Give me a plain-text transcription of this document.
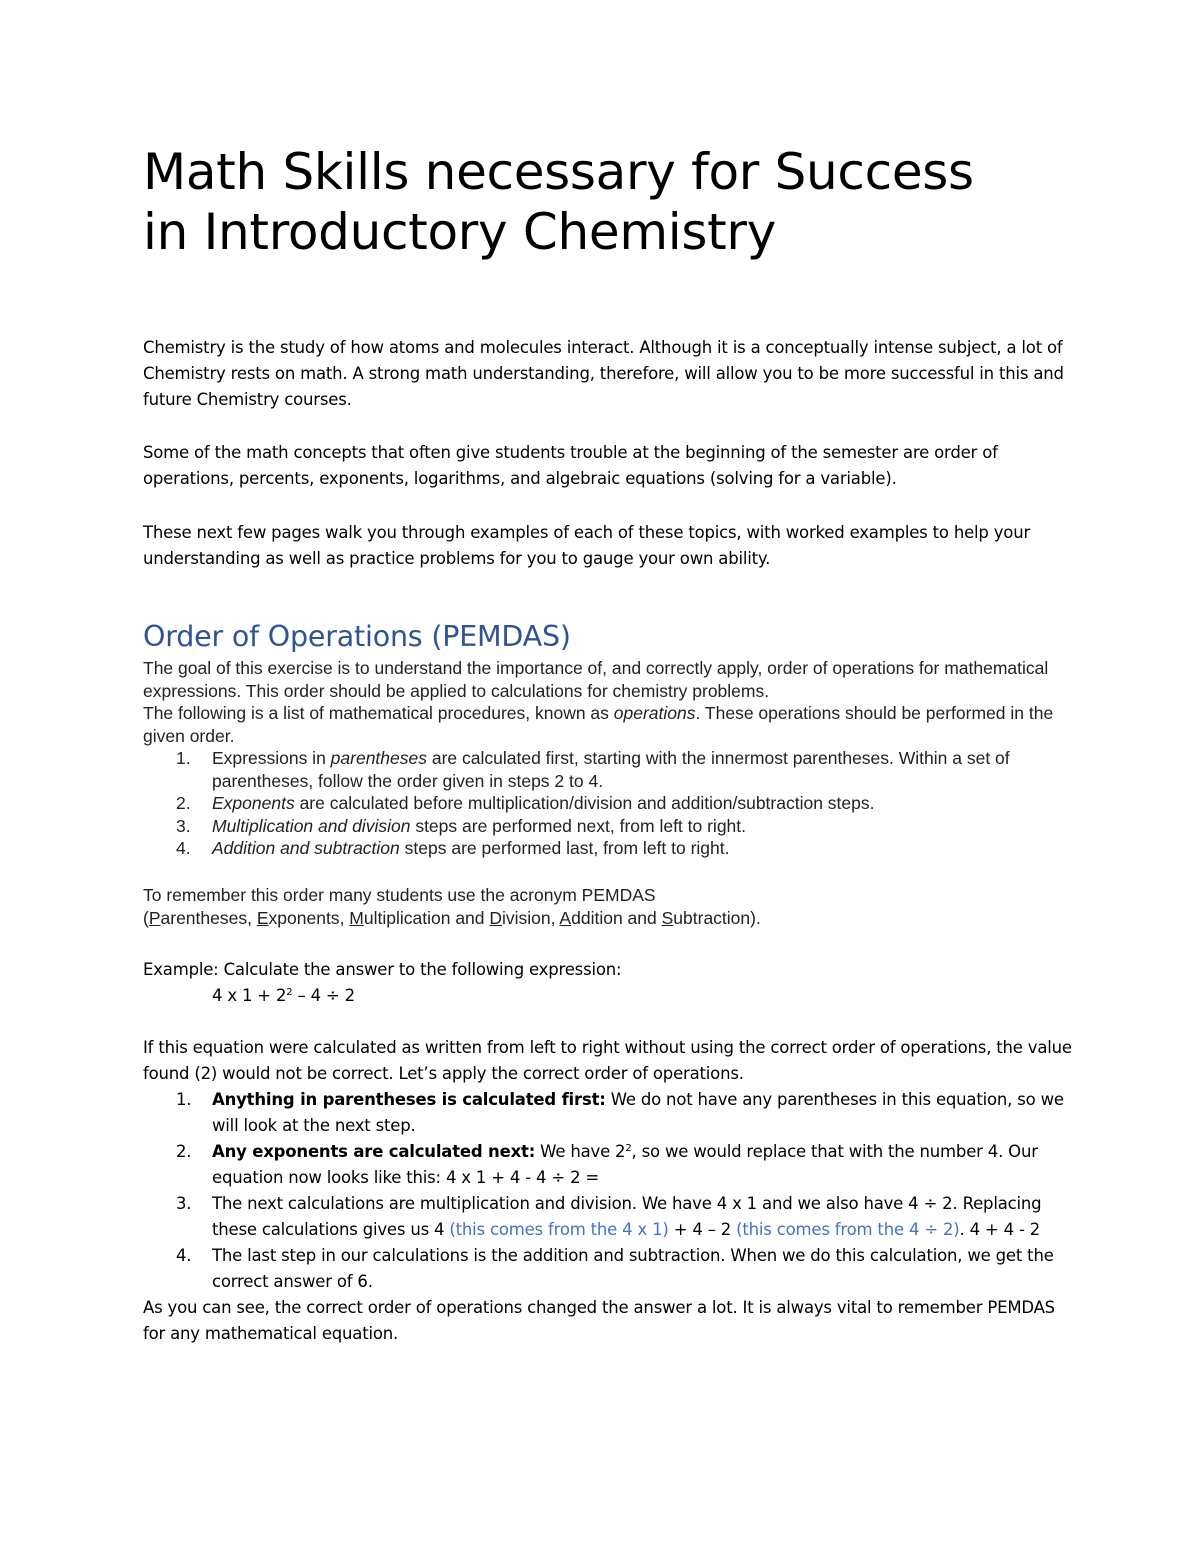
Math Skills necessary for Success
in Introductory Chemistry

Chemistry is the study of how atoms and molecules interact. Although it is a conceptually intense subject, a lot of Chemistry rests on math. A strong math understanding, therefore, will allow you to be more successful in this and future Chemistry courses.

Some of the math concepts that often give students trouble at the beginning of the semester are order of operations, percents, exponents, logarithms, and algebraic equations (solving for a variable).

These next few pages walk you through examples of each of these topics, with worked examples to help your understanding as well as practice problems for you to gauge your own ability.

Order of Operations (PEMDAS)
The goal of this exercise is to understand the importance of, and correctly apply, order of operations for mathematical expressions. This order should be applied to calculations for chemistry problems.
The following is a list of mathematical procedures, known as operations. These operations should be performed in the given order.
1. Expressions in parentheses are calculated first, starting with the innermost parentheses. Within a set of parentheses, follow the order given in steps 2 to 4.
2. Exponents are calculated before multiplication/division and addition/subtraction steps.
3. Multiplication and division steps are performed next, from left to right.
4. Addition and subtraction steps are performed last, from left to right.
To remember this order many students use the acronym PEMDAS
(Parentheses, Exponents, Multiplication and Division, Addition and Subtraction).
Example: Calculate the answer to the following expression:
4 x $1 + 2^2 - 4 \div 2$
If this equation were calculated as written from left to right without using the correct order of operations, the value found (2) would not be correct. Let’s apply the correct order of operations.
1. Anything in parentheses is calculated first: We do not have any parentheses in this equation, so we will look at the next step.
2. Any exponents are calculated next: We have $2^2$, so we would replace that with the number 4. Our equation now looks like this: 4 x 1 + 4 - 4 ÷ 2 =
3. The next calculations are multiplication and division. We have 4 x 1 and we also have 4 ÷ 2. Replacing these calculations gives us 4 (this comes from the 4 x 1) + 4 – 2 (this comes from the 4 ÷ 2). 4 + 4 - 2
4. The last step in our calculations is the addition and subtraction. When we do this calculation, we get the correct answer of 6.
As you can see, the correct order of operations changed the answer a lot. It is always vital to remember PEMDAS for any mathematical equation.
